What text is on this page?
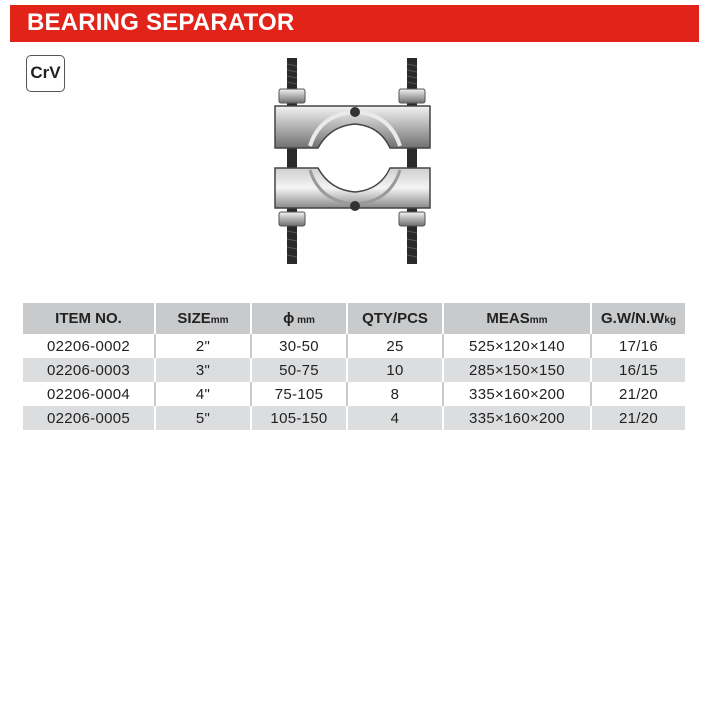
BEARING SEPARATOR
CrV
ITEM NO.	SIZEmm	ϕ mm	QTY/PCS	MEASmm	G.W/N.Wkg
02206-0002	2"	30-50	25	525×120×140	17/16
02206-0003	3"	50-75	10	285×150×150	16/15
02206-0004	4"	75-105	8	335×160×200	21/20
02206-0005	5"	105-150	4	335×160×200	21/20
